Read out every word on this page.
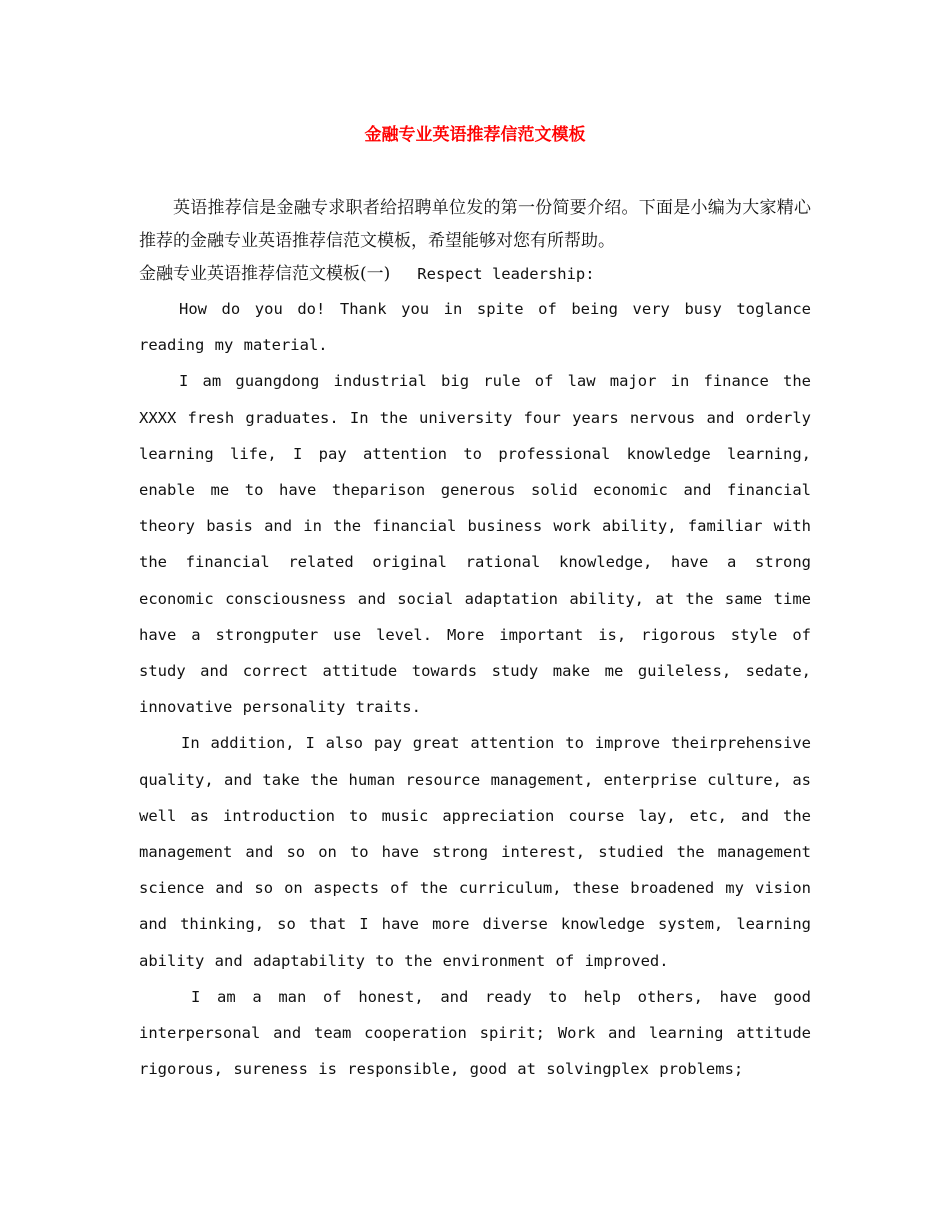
金融专业英语推荐信范文模板

英语推荐信是金融专求职者给招聘单位发的第一份简要介绍。下面是小编为大家精心推荐的金融专业英语推荐信范文模板，希望能够对您有所帮助。

金融专业英语推荐信范文模板(一) Respect leadership:

How do you do! Thank you in spite of being very busy toglance reading my material.

I am guangdong industrial big rule of law major in finance the XXXX fresh graduates. In the university four years nervous and orderly learning life, I pay attention to professional knowledge learning, enable me to have theparison generous solid economic and financial theory basis and in the financial business work ability, familiar with the financial related original rational knowledge, have a strong economic consciousness and social adaptation ability, at the same time have a strongputer use level. More important is, rigorous style of study and correct attitude towards study make me guileless, sedate, innovative personality traits.

In addition, I also pay great attention to improve theirprehensive quality, and take the human resource management, enterprise culture, as well as introduction to music appreciation course lay, etc, and the management and so on to have strong interest, studied the management science and so on aspects of the curriculum, these broadened my vision and thinking, so that I have more diverse knowledge system, learning ability and adaptability to the environment of improved.

I am a man of honest, and ready to help others, have good interpersonal and team cooperation spirit; Work and learning attitude rigorous, sureness is responsible, good at solvingplex problems;
